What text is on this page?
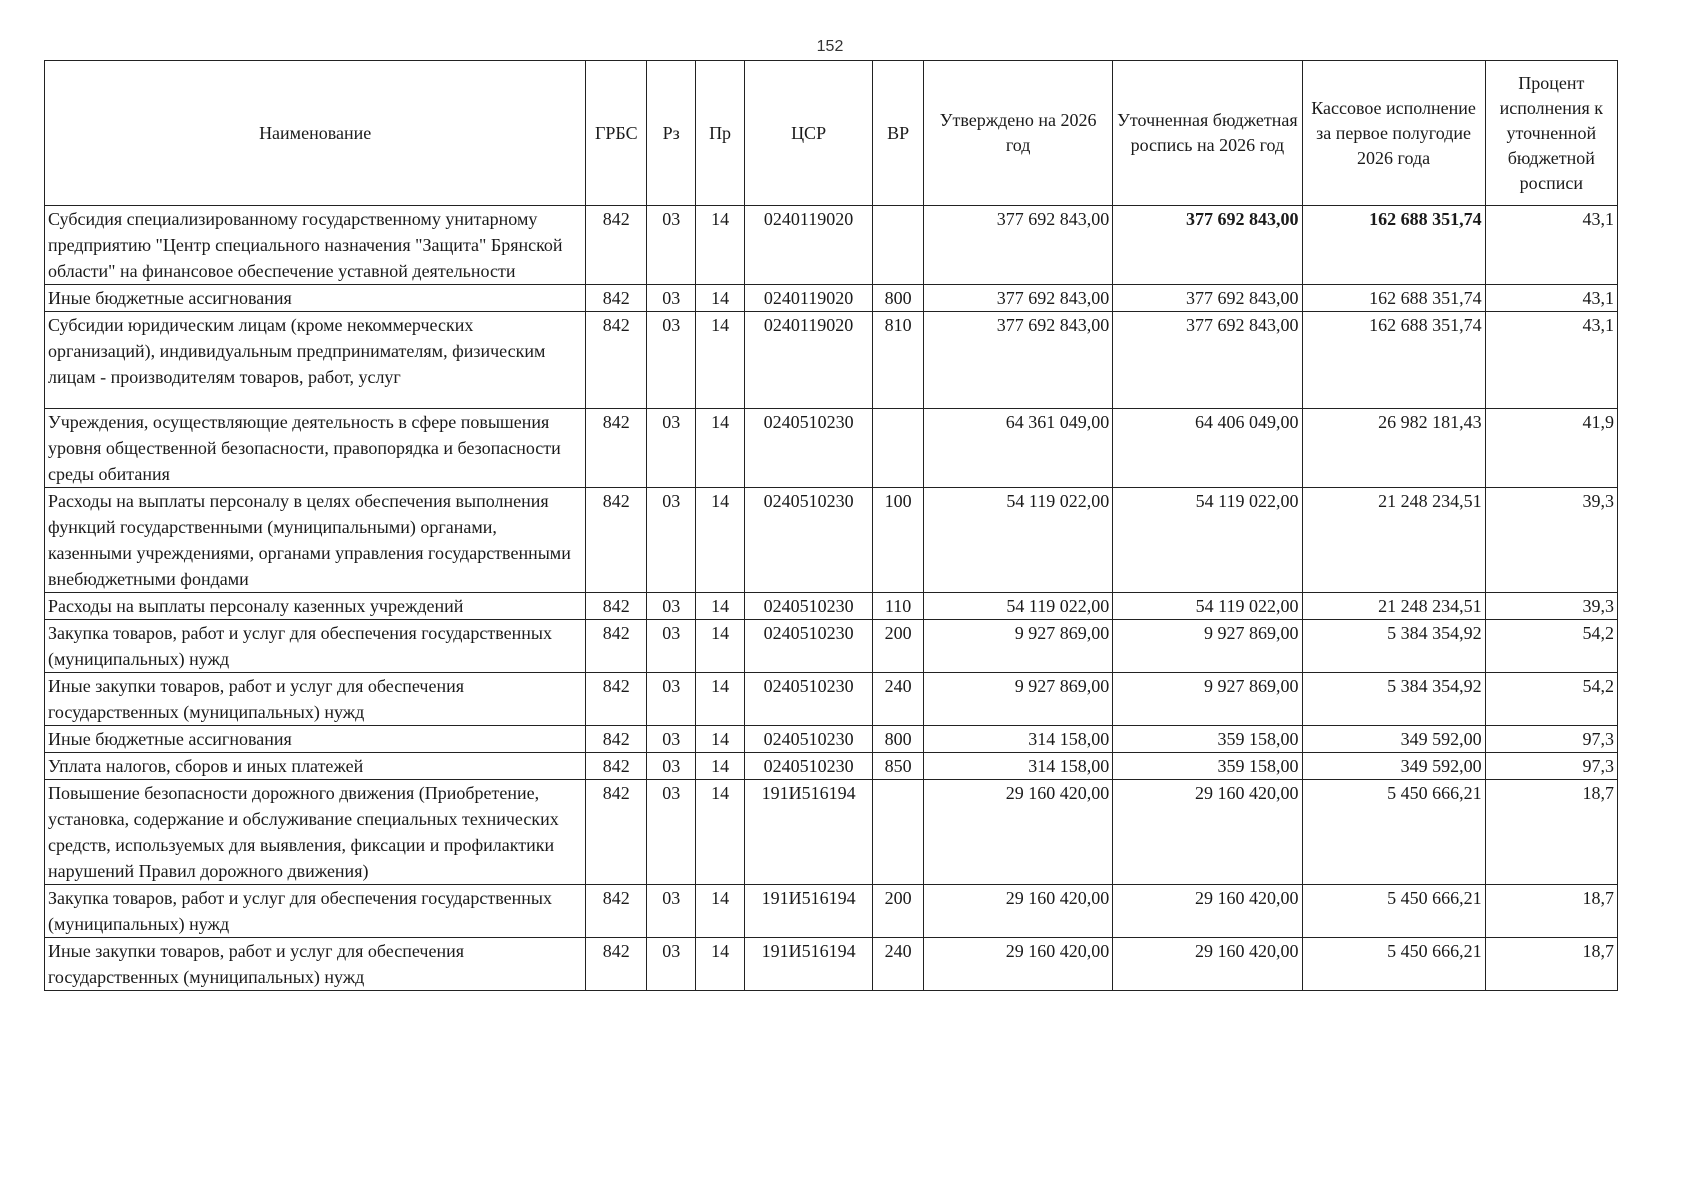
152
Наименование	ГРБС	Рз	Пр	ЦСР	ВР	Утверждено на 2026 год	Уточненная бюджетная роспись на 2026 год	Кассовое исполнение за первое полугодие 2026 года	Процент исполнения к уточненной бюджетной росписи
Субсидия специализированному государственному унитарному предприятию "Центр специального назначения "Защита" Брянской области" на финансовое обеспечение уставной деятельности	842	03	14	0240119020		377 692 843,00	377 692 843,00	162 688 351,74	43,1
Иные бюджетные ассигнования	842	03	14	0240119020	800	377 692 843,00	377 692 843,00	162 688 351,74	43,1
Субсидии юридическим лицам (кроме некоммерческих организаций), индивидуальным предпринимателям, физическим лицам - производителям товаров, работ, услуг	842	03	14	0240119020	810	377 692 843,00	377 692 843,00	162 688 351,74	43,1
Учреждения, осуществляющие деятельность в сфере повышения уровня общественной безопасности, правопорядка и безопасности среды обитания	842	03	14	0240510230		64 361 049,00	64 406 049,00	26 982 181,43	41,9
Расходы на выплаты персоналу в целях обеспечения выполнения функций государственными (муниципальными) органами, казенными учреждениями, органами управления государственными внебюджетными фондами	842	03	14	0240510230	100	54 119 022,00	54 119 022,00	21 248 234,51	39,3
Расходы на выплаты персоналу казенных учреждений	842	03	14	0240510230	110	54 119 022,00	54 119 022,00	21 248 234,51	39,3
Закупка товаров, работ и услуг для обеспечения государственных (муниципальных) нужд	842	03	14	0240510230	200	9 927 869,00	9 927 869,00	5 384 354,92	54,2
Иные закупки товаров, работ и услуг для обеспечения государственных (муниципальных) нужд	842	03	14	0240510230	240	9 927 869,00	9 927 869,00	5 384 354,92	54,2
Иные бюджетные ассигнования	842	03	14	0240510230	800	314 158,00	359 158,00	349 592,00	97,3
Уплата налогов, сборов и иных платежей	842	03	14	0240510230	850	314 158,00	359 158,00	349 592,00	97,3
Повышение безопасности дорожного движения (Приобретение, установка, содержание и обслуживание специальных технических средств, используемых для выявления, фиксации и профилактики нарушений Правил дорожного движения)	842	03	14	191И516194		29 160 420,00	29 160 420,00	5 450 666,21	18,7
Закупка товаров, работ и услуг для обеспечения государственных (муниципальных) нужд	842	03	14	191И516194	200	29 160 420,00	29 160 420,00	5 450 666,21	18,7
Иные закупки товаров, работ и услуг для обеспечения государственных (муниципальных) нужд	842	03	14	191И516194	240	29 160 420,00	29 160 420,00	5 450 666,21	18,7
